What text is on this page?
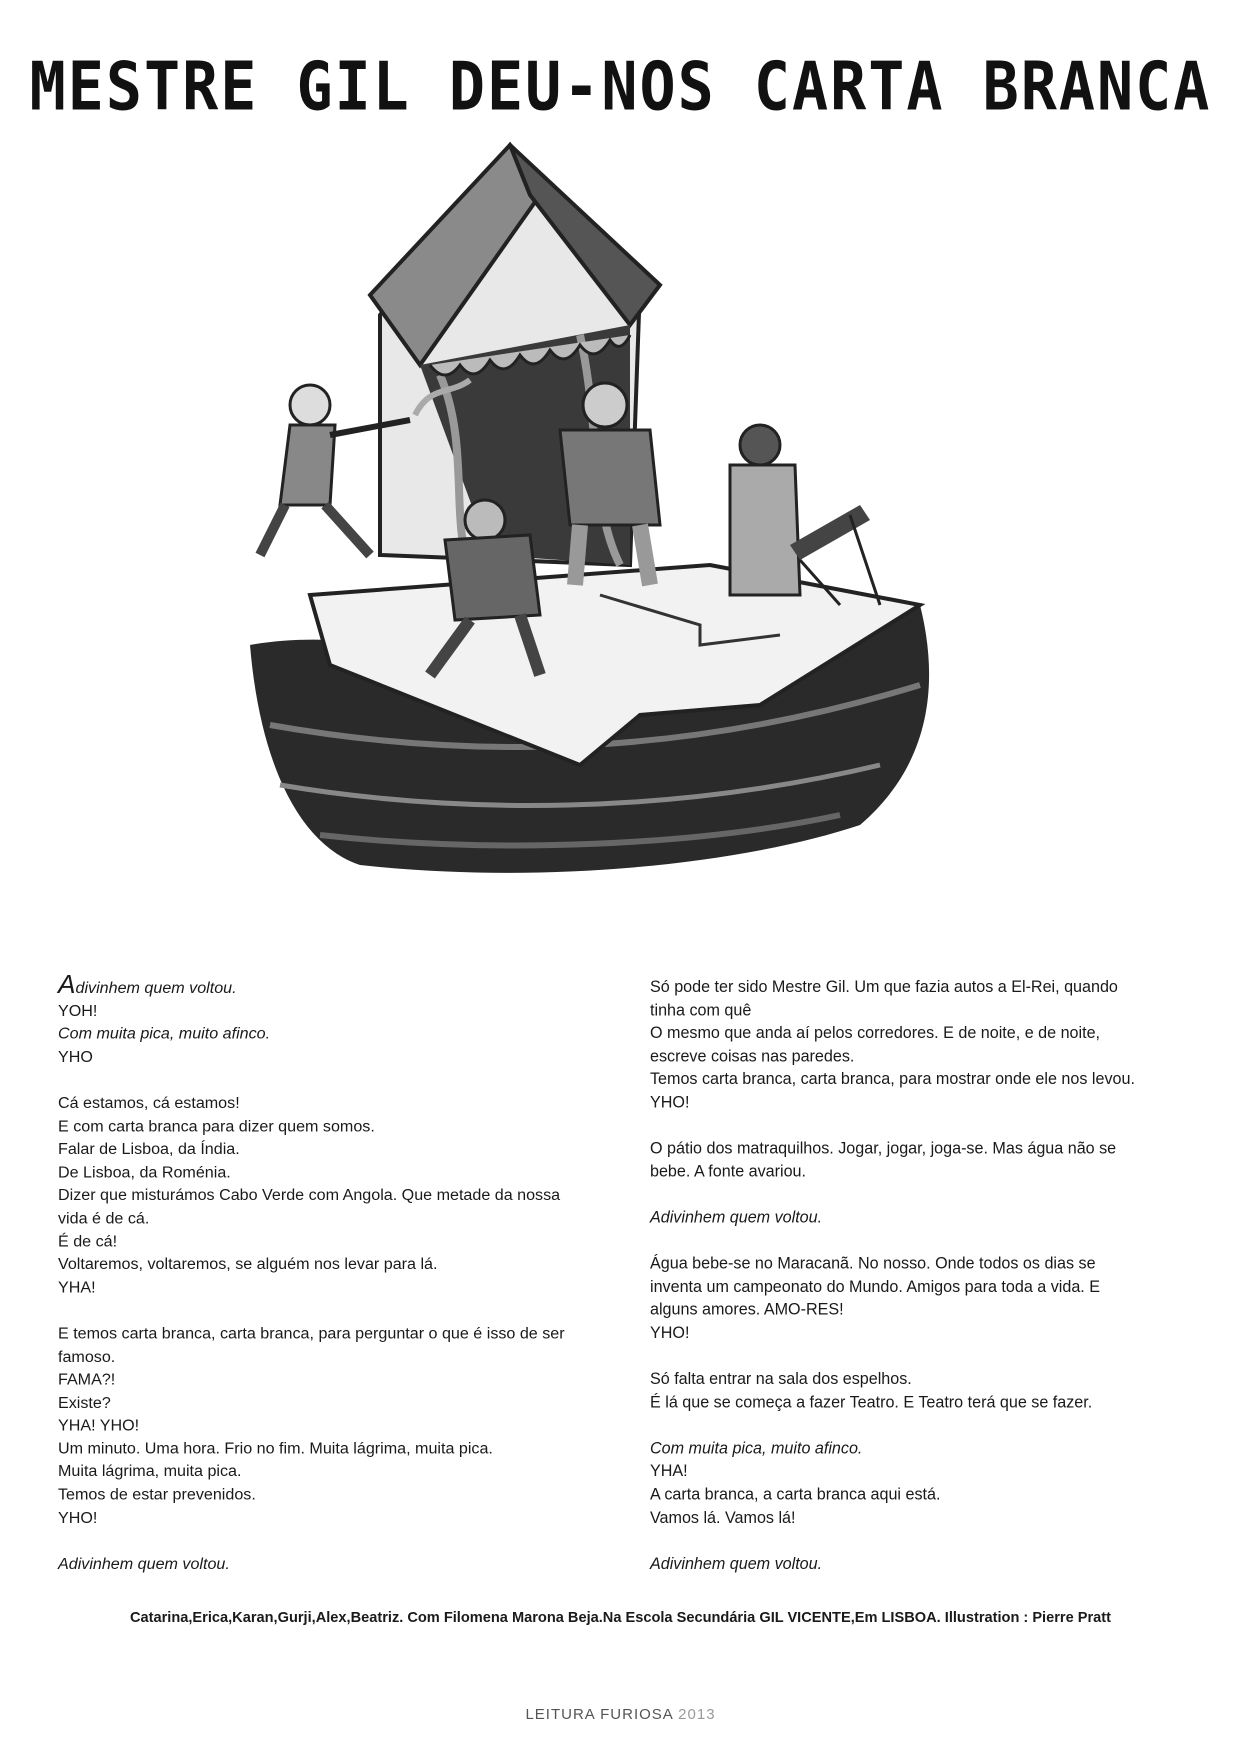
MESTRE GIL DEU-NOS CARTA BRANCA

Adivinhem quem voltou.
YOH!
Com muita pica, muito afinco.
YHO

Cá estamos, cá estamos!
E com carta branca para dizer quem somos.
Falar de Lisboa, da Índia.
De Lisboa, da Roménia.
Dizer que misturámos Cabo Verde com Angola. Que metade da nossa vida é de cá.
É de cá!
Voltaremos, voltaremos, se alguém nos levar para lá.
YHA!

E temos carta branca, carta branca, para perguntar o que é isso de ser famoso.
FAMA?!
Existe?
YHA! YHO!
Um minuto. Uma hora. Frio no fim. Muita lágrima, muita pica.
Muita lágrima, muita pica.
Temos de estar prevenidos.
YHO!

Adivinhem quem voltou.

Só pode ter sido Mestre Gil. Um que fazia autos a El-Rei, quando tinha com quê
O mesmo que anda aí pelos corredores. E de noite, e de noite, escreve coisas nas paredes.
Temos carta branca, carta branca, para mostrar onde ele nos levou.
YHO!

O pátio dos matraquilhos. Jogar, jogar, joga-se. Mas água não se bebe. A fonte avariou.

Adivinhem quem voltou.

Água bebe-se no Maracanã. No nosso. Onde todos os dias se inventa um campeonato do Mundo. Amigos para toda a vida. E alguns amores. AMO-RES!
YHO!

Só falta entrar na sala dos espelhos.
É lá que se começa a fazer Teatro. E Teatro terá que se fazer.

Com muita pica, muito afinco.
YHA!
A carta branca, a carta branca aqui está.
Vamos lá. Vamos lá!

Adivinhem quem voltou.

Catarina,Erica,Karan,Gurji,Alex,Beatriz. Com Filomena Marona Beja.Na Escola Secundária GIL VICENTE,Em LISBOA. Illustration : Pierre Pratt
LEITURA FURIOSA 2013
